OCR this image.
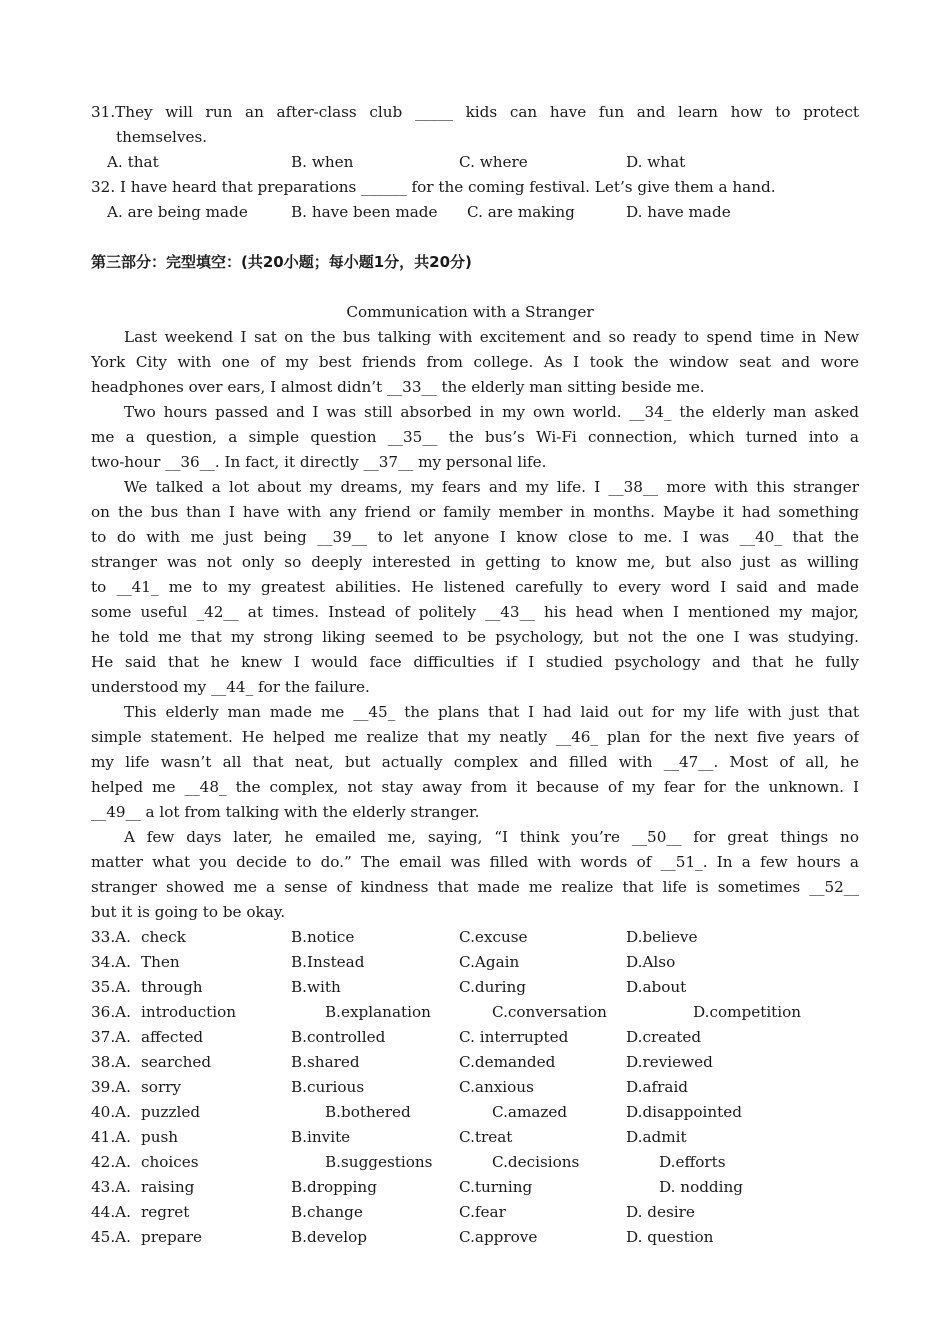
31.They will run an after-class club _____ kids can have fun and learn how to protect
themselves.
A. that	B. when	C. where	D. what
32. I have heard that preparations ______ for the coming festival. Let’s give them a hand.
A. are being made	B. have been made C. are making	D. have made
第三部分：完型填空：(共20小题；每小题1分，共20分)
Communication with a Stranger
Last weekend I sat on the bus talking with excitement and so ready to spend time in New
York City with one of my best friends from college. As I took the window seat and wore
headphones over ears, I almost didn’t __33__ the elderly man sitting beside me.
Two hours passed and I was still absorbed in my own world. __34_ the elderly man asked
me a question, a simple question __35__ the bus’s Wi-Fi connection, which turned into a
two-hour __36__. In fact, it directly __37__ my personal life.
We talked a lot about my dreams, my fears and my life. I __38__ more with this stranger
on the bus than I have with any friend or family member in months. Maybe it had something
to do with me just being __39__ to let anyone I know close to me. I was __40_ that the
stranger was not only so deeply interested in getting to know me, but also just as willing
to __41_ me to my greatest abilities. He listened carefully to every word I said and made
some useful _42__ at times. Instead of politely __43__ his head when I mentioned my major,
he told me that my strong liking seemed to be psychology, but not the one I was studying.
He said that he knew I would face difficulties if I studied psychology and that he fully
understood my __44_ for the failure.
This elderly man made me __45_ the plans that I had laid out for my life with just that
simple statement. He helped me realize that my neatly __46_ plan for the next five years of
my life wasn’t all that neat, but actually complex and filled with __47__. Most of all, he
helped me __48_ the complex, not stay away from it because of my fear for the unknown. I
__49__ a lot from talking with the elderly stranger.
A few days later, he emailed me, saying, “I think you’re __50__ for great things no
matter what you decide to do.” The email was filled with words of __51_. In a few hours a
stranger showed me a sense of kindness that made me realize that life is sometimes __52__
but it is going to be okay.
33.A. check	B.notice	C.excuse	D.believe
34.A. Then	B.Instead	C.Again	D.Also
35.A. through	B.with	C.during	D.about
36.A. introduction	B.explanation	C.conversation	D.competition
37.A. affected	B.controlled	C. interrupted	D.created
38.A. searched	B.shared	C.demanded	D.reviewed
39.A. sorry	B.curious	C.anxious	D.afraid
40.A. puzzled	B.bothered	C.amazed	D.disappointed
41.A. push	B.invite	C.treat	D.admit
42.A. choices	B.suggestions	C.decisions	D.efforts
43.A. raising	B.dropping	C.turning	D. nodding
44.A. regret	B.change	C.fear	D. desire
45.A. prepare	B.develop	C.approve	D. question
